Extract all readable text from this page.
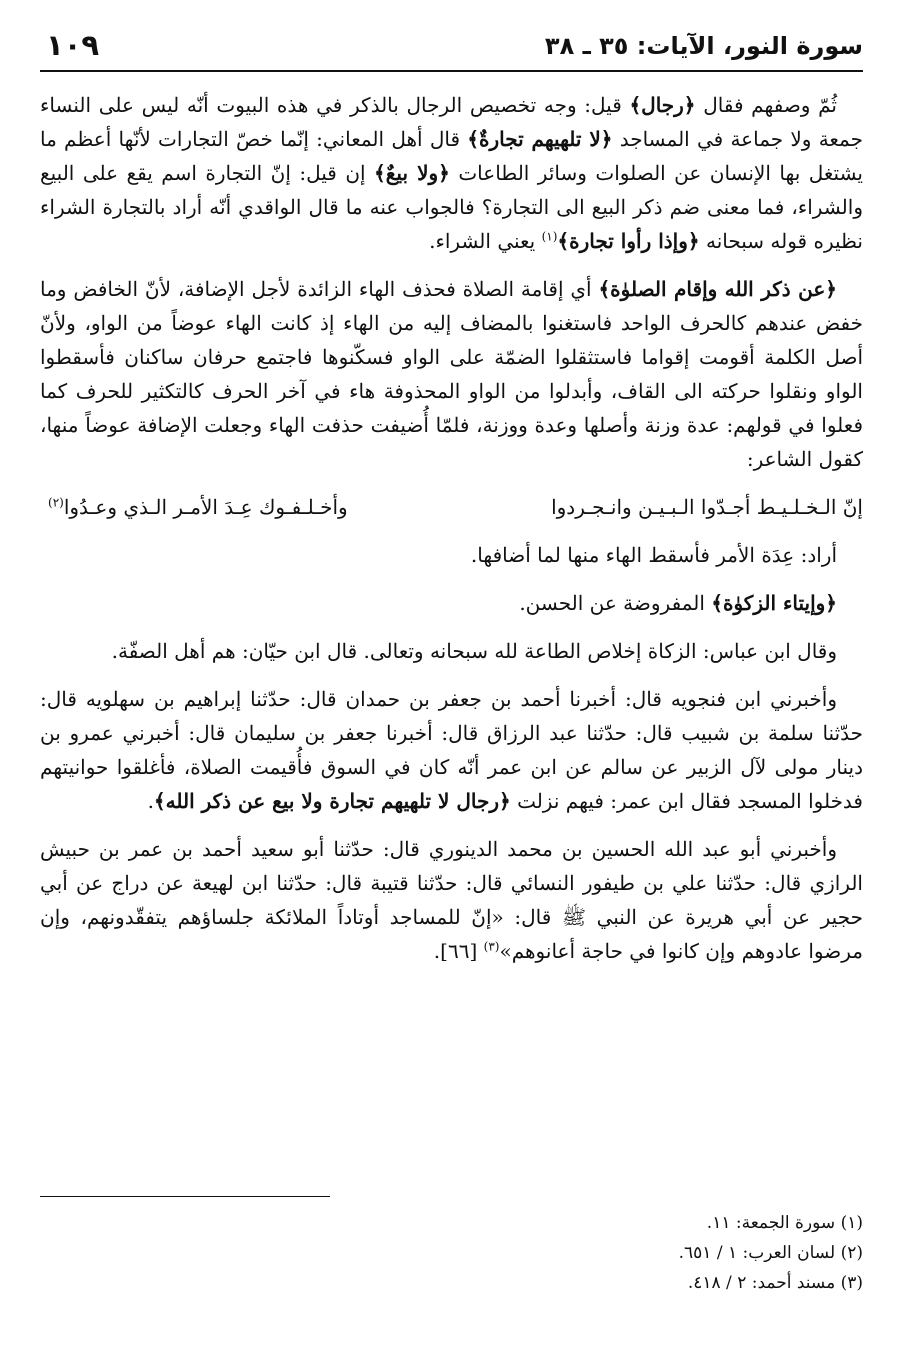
سورة النور، الآيات: ٣٥ ـ ٣٨
١٠٩

ثُمّ وصفهم فقال ﴿رجال﴾ قيل: وجه تخصيص الرجال بالذكر في هذه البيوت أنّه ليس على النساء جمعة ولا جماعة في المساجد ﴿لا تلهيهم تجارةٌ﴾ قال أهل المعاني: إنّما خصّ التجارات لأنّها أعظم ما يشتغل بها الإنسان عن الصلوات وسائر الطاعات ﴿ولا بيعٌ﴾ إن قيل: إنّ التجارة اسم يقع على البيع والشراء، فما معنى ضم ذكر البيع الى التجارة؟ فالجواب عنه ما قال الواقدي أنّه أراد بالتجارة الشراء نظيره قوله سبحانه ﴿وإذا رأوا تجارة﴾$^{(١)}$ يعني الشراء.

﴿عن ذكر الله وإقام الصلوٰة﴾ أي إقامة الصلاة فحذف الهاء الزائدة لأجل الإضافة، لأنّ الخافض وما خفض عندهم كالحرف الواحد فاستغنوا بالمضاف إليه من الهاء إذ كانت الهاء عوضاً من الواو، ولأنّ أصل الكلمة أقومت إقواما فاستثقلوا الضمّة على الواو فسكّنوها فاجتمع حرفان ساكنان فأسقطوا الواو ونقلوا حركته الى القاف، وأبدلوا من الواو المحذوفة هاء في آخر الحرف كالتكثير للحرف كما فعلوا في قولهم: عدة وزنة وأصلها وعدة ووزنة، فلمّا أُضيفت حذفت الهاء وجعلت الإضافة عوضاً منها، كقول الشاعر:

إنّ الـخـلـيـط أجـدّوا الـبـيـن وانـجـردوا
وأخـلـفـوك عِـدَ الأمـر الـذي وعـدُوا$^{(٢)}$

أراد: عِدَة الأمر فأسقط الهاء منها لما أضافها.

﴿وإيتاء الزكوٰة﴾ المفروضة عن الحسن.

وقال ابن عباس: الزكاة إخلاص الطاعة لله سبحانه وتعالى. قال ابن حيّان: هم أهل الصفّة.

وأخبرني ابن فنجويه قال: أخبرنا أحمد بن جعفر بن حمدان قال: حدّثنا إبراهيم بن سهلويه قال: حدّثنا سلمة بن شبيب قال: حدّثنا عبد الرزاق قال: أخبرنا جعفر بن سليمان قال: أخبرني عمرو بن دينار مولى لآل الزبير عن سالم عن ابن عمر أنّه كان في السوق فأُقيمت الصلاة، فأغلقوا حوانيتهم فدخلوا المسجد فقال ابن عمر: فيهم نزلت ﴿رجال لا تلهيهم تجارة ولا بيع عن ذكر الله﴾.

وأخبرني أبو عبد الله الحسين بن محمد الدينوري قال: حدّثنا أبو سعيد أحمد بن عمر بن حبيش الرازي قال: حدّثنا علي بن طيفور النسائي قال: حدّثنا قتيبة قال: حدّثنا ابن لهيعة عن دراج عن أبي حجير عن أبي هريرة عن النبي ﷺ قال: «إنّ للمساجد أوتاداً الملائكة جلساؤهم يتفقّدونهم، وإن مرضوا عادوهم وإن كانوا في حاجة أعانوهم»$^{(٣)}$ [٦٦].

(١) سورة الجمعة: ١١.
(٢) لسان العرب: ١ / ٦٥١.
(٣) مسند أحمد: ٢ / ٤١٨.
